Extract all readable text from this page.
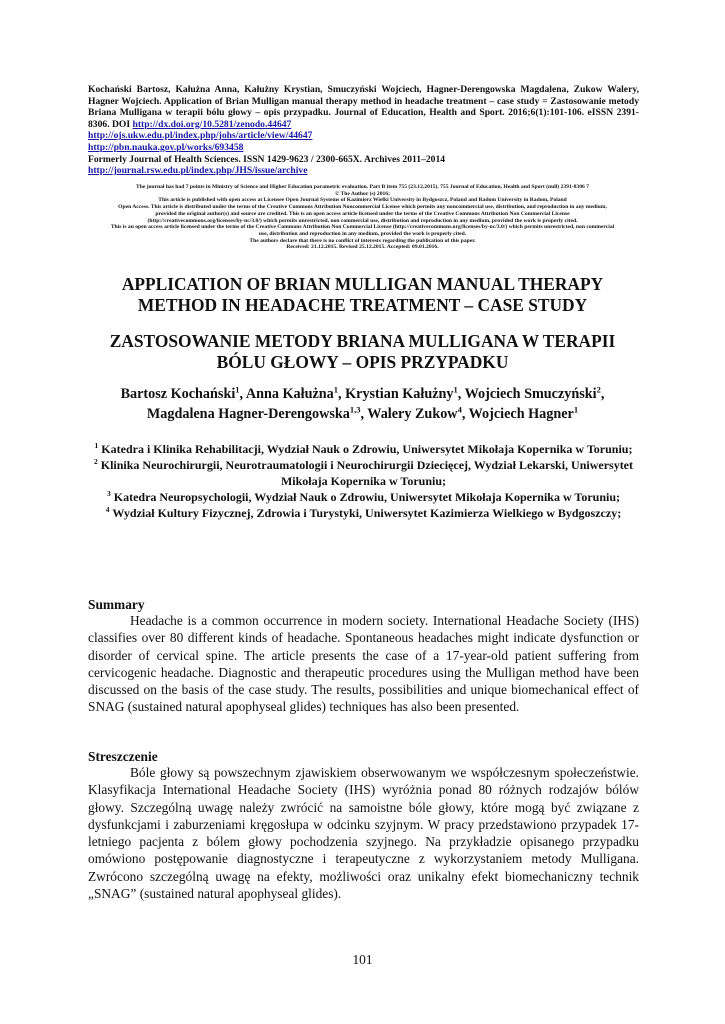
Kochański Bartosz, Kałużna Anna, Kałużny Krystian, Smuczyński Wojciech, Hagner-Derengowska Magdalena, Zukow Walery, Hagner Wojciech. Application of Brian Mulligan manual therapy method in headache treatment – case study = Zastosowanie metody Briana Mulligana w terapii bólu głowy – opis przypadku. Journal of Education, Health and Sport. 2016;6(1):101-106. eISSN 2391-8306. DOI http://dx.doi.org/10.5281/zenodo.44647
http://ojs.ukw.edu.pl/index.php/johs/article/view/44647
http://pbn.nauka.gov.pl/works/693458
Formerly Journal of Health Sciences. ISSN 1429-9623 / 2300-665X. Archives 2011–2014
http://journal.rsw.edu.pl/index.php/JHS/issue/archive
The journal has had 7 points in Ministry of Science and Higher Education parametric evaluation. Part B item 755 (23.12.2015). 755 Journal of Education, Health and Sport (null) 2391-8306 7
© The Author (s) 2016;
This article is published with open access at Licensee Open Journal Systems of Kazimierz Wielki University in Bydgoszcz, Poland and Radom University in Radom, Poland
Open Access. This article is distributed under the terms of the Creative Commons Attribution Noncommercial License which permits any noncommercial use, distribution, and reproduction in any medium,
provided the original author(s) and source are credited. This is an open access article licensed under the terms of the Creative Commons Attribution Non Commercial License
(http://creativecommons.org/licenses/by-nc/3.0/) which permits unrestricted, non commercial use, distribution and reproduction in any medium, provided the work is properly cited.
This is an open access article licensed under the terms of the Creative Commons Attribution Non Commercial License (http://creativecommons.org/licenses/by-nc/3.0/) which permits unrestricted, non commercial
use, distribution and reproduction in any medium, provided the work is properly cited.
The authors declare that there is no conflict of interests regarding the publication of this paper.
Received: 21.12.2015. Revised 25.12.2015. Accepted: 09.01.2016.
APPLICATION OF BRIAN MULLIGAN MANUAL THERAPY
METHOD IN HEADACHE TREATMENT – CASE STUDY
ZASTOSOWANIE METODY BRIANA MULLIGANA W TERAPII
BÓLU GŁOWY – OPIS PRZYPADKU
Bartosz Kochański$^1$, Anna Kałużna$^1$, Krystian Kałużny$^1$, Wojciech Smuczyński$^2$,
Magdalena Hagner-Derengowska$^{1,3}$, Walery Zukow$^4$, Wojciech Hagner$^1$
$^1$ Katedra i Klinika Rehabilitacji, Wydział Nauk o Zdrowiu, Uniwersytet Mikołaja Kopernika w Toruniu;
$^2$ Klinika Neurochirurgii, Neurotraumatologii i Neurochirurgii Dziecięcej, Wydział Lekarski, Uniwersytet Mikołaja Kopernika w Toruniu;
$^3$ Katedra Neuropsychologii, Wydział Nauk o Zdrowiu, Uniwersytet Mikołaja Kopernika w Toruniu;
$^4$ Wydział Kultury Fizycznej, Zdrowia i Turystyki, Uniwersytet Kazimierza Wielkiego w Bydgoszczy;
Summary
Headache is a common occurrence in modern society. International Headache Society (IHS) classifies over 80 different kinds of headache. Spontaneous headaches might indicate dysfunction or disorder of cervical spine. The article presents the case of a 17-year-old patient suffering from cervicogenic headache. Diagnostic and therapeutic procedures using the Mulligan method have been discussed on the basis of the case study. The results, possibilities and unique biomechanical effect of SNAG (sustained natural apophyseal glides) techniques has also been presented.
Streszczenie
Bóle głowy są powszechnym zjawiskiem obserwowanym we współczesnym społeczeństwie. Klasyfikacja International Headache Society (IHS) wyróżnia ponad 80 różnych rodzajów bólów głowy. Szczególną uwagę należy zwrócić na samoistne bóle głowy, które mogą być związane z dysfunkcjami i zaburzeniami kręgosłupa w odcinku szyjnym. W pracy przedstawiono przypadek 17-letniego pacjenta z bólem głowy pochodzenia szyjnego. Na przykładzie opisanego przypadku omówiono postępowanie diagnostyczne i terapeutyczne z wykorzystaniem metody Mulligana. Zwrócono szczególną uwagę na efekty, możliwości oraz unikalny efekt biomechaniczny technik „SNAG” (sustained natural apophyseal glides).
101
